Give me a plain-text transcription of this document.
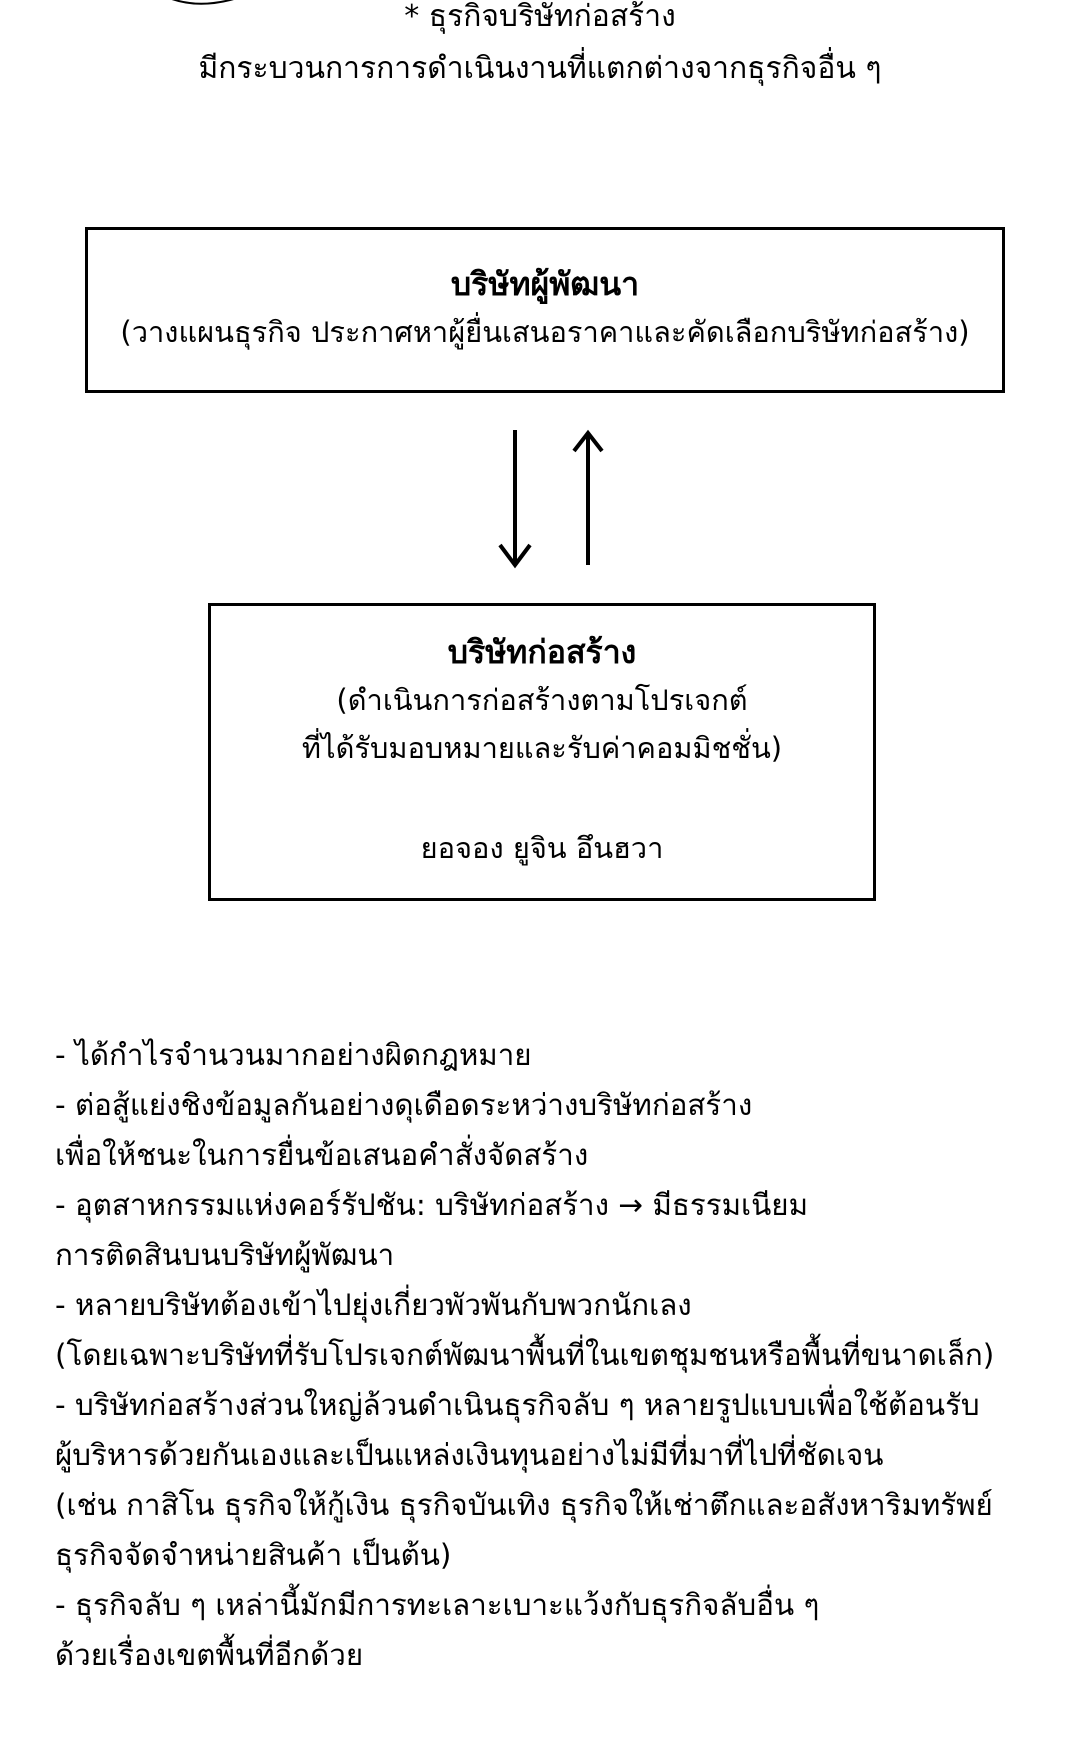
* ธุรกิจบริษัทก่อสร้าง
มีกระบวนการการดำเนินงานที่แตกต่างจากธุรกิจอื่น ๆ
บริษัทผู้พัฒนา
(วางแผนธุรกิจ ประกาศหาผู้ยื่นเสนอราคาและคัดเลือกบริษัทก่อสร้าง)
บริษัทก่อสร้าง
(ดำเนินการก่อสร้างตามโปรเจกต์
ที่ได้รับมอบหมายและรับค่าคอมมิชชั่น)
ยอจอง ยูจิน อึนฮวา
- ได้กำไรจำนวนมากอย่างผิดกฎหมาย
- ต่อสู้แย่งชิงข้อมูลกันอย่างดุเดือดระหว่างบริษัทก่อสร้าง
เพื่อให้ชนะในการยื่นข้อเสนอคำสั่งจัดสร้าง
- อุตสาหกรรมแห่งคอร์รัปชัน: บริษัทก่อสร้าง → มีธรรมเนียม
การติดสินบนบริษัทผู้พัฒนา
- หลายบริษัทต้องเข้าไปยุ่งเกี่ยวพัวพันกับพวกนักเลง
(โดยเฉพาะบริษัทที่รับโปรเจกต์พัฒนาพื้นที่ในเขตชุมชนหรือพื้นที่ขนาดเล็ก)
- บริษัทก่อสร้างส่วนใหญ่ล้วนดำเนินธุรกิจลับ ๆ หลายรูปแบบเพื่อใช้ต้อนรับ
ผู้บริหารด้วยกันเองและเป็นแหล่งเงินทุนอย่างไม่มีที่มาที่ไปที่ชัดเจน
(เช่น กาสิโน ธุรกิจให้กู้เงิน ธุรกิจบันเทิง ธุรกิจให้เช่าตึกและอสังหาริมทรัพย์
ธุรกิจจัดจำหน่ายสินค้า เป็นต้น)
- ธุรกิจลับ ๆ เหล่านี้มักมีการทะเลาะเบาะแว้งกับธุรกิจลับอื่น ๆ
ด้วยเรื่องเขตพื้นที่อีกด้วย
